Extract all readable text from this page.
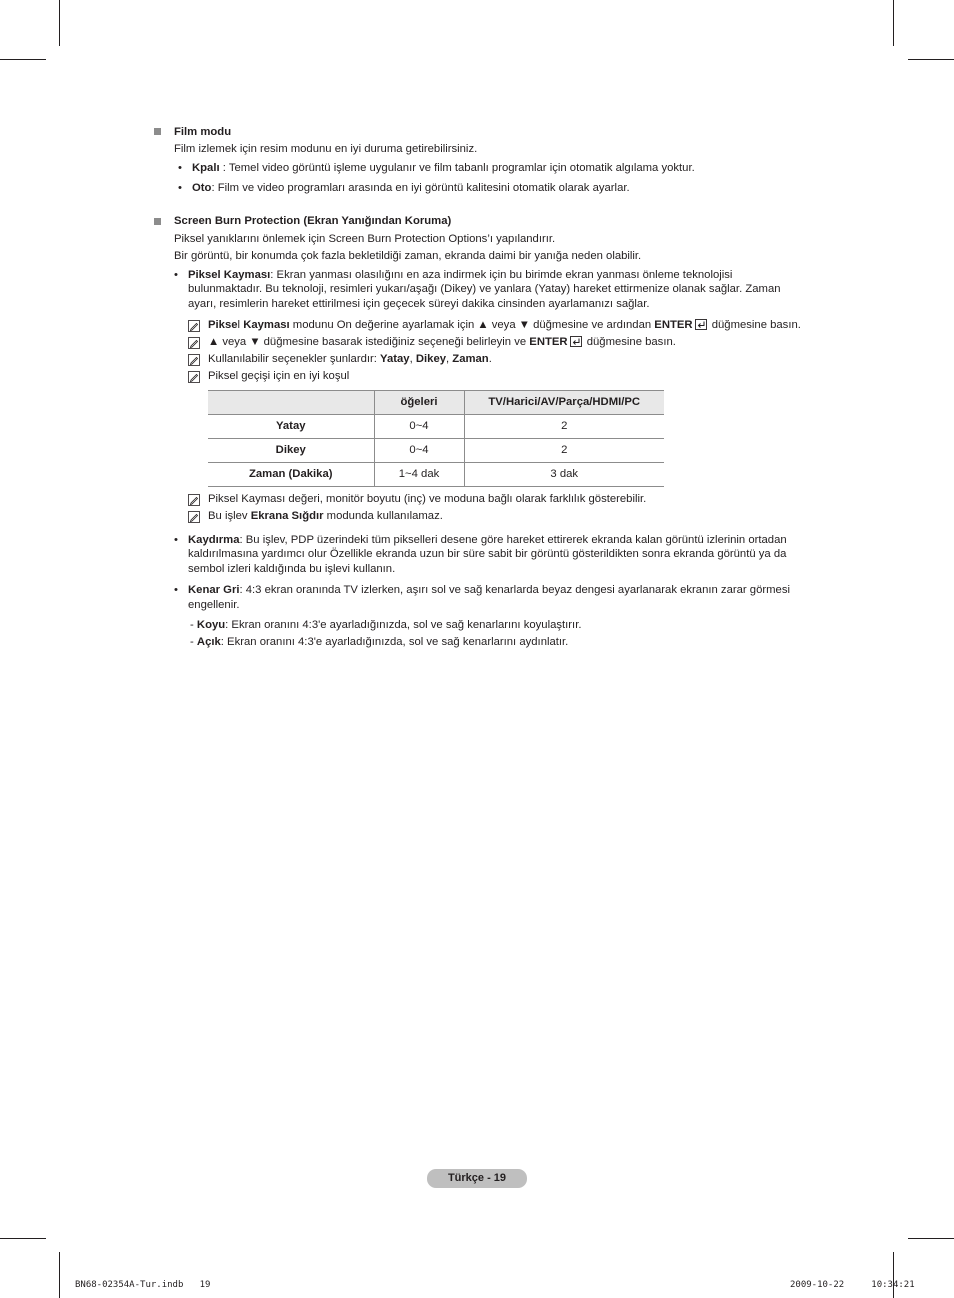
Film modu
Film izlemek için resim modunu en iyi duruma getirebilirsiniz.
• Kpalı : Temel video görüntü işleme uygulanır ve film tabanlı programlar için otomatik algılama yoktur.
• Oto: Film ve video programları arasında en iyi görüntü kalitesini otomatik olarak ayarlar.
Screen Burn Protection (Ekran Yanığından Koruma)
Piksel yanıklarını önlemek için Screen Burn Protection Options’ı yapılandırır.
Bir görüntü, bir konumda çok fazla bekletildiği zaman, ekranda daimi bir yanığa neden olabilir.
• Piksel Kayması: Ekran yanması olasılığını en aza indirmek için bu birimde ekran yanması önleme teknolojisi
bulunmaktadır. Bu teknoloji, resimleri yukarı/aşağı (Dikey) ve yanlara (Yatay) hareket ettirmenize olanak sağlar. Zaman
ayarı, resimlerin hareket ettirilmesi için geçecek süreyi dakika cinsinden ayarlamanızı sağlar.
Piksel Kayması modunu On değerine ayarlamak için ▲ veya ▼ düğmesine ve ardından ENTER düğmesine basın.
▲ veya ▼ düğmesine basarak istediğiniz seçeneği belirleyin ve ENTER düğmesine basın.
Kullanılabilir seçenekler şunlardır: Yatay, Dikey, Zaman.
Piksel geçişi için en iyi koşul
	öğeleri	TV/Harici/AV/Parça/HDMI/PC
Yatay	0~4	2
Dikey	0~4	2
Zaman (Dakika)	1~4 dak	3 dak
Piksel Kayması değeri, monitör boyutu (inç) ve moduna bağlı olarak farklılık gösterebilir.
Bu işlev Ekrana Sığdır modunda kullanılamaz.
• Kaydırma: Bu işlev, PDP üzerindeki tüm pikselleri desene göre hareket ettirerek ekranda kalan görüntü izlerinin ortadan
kaldırılmasına yardımcı olur Özellikle ekranda uzun bir süre sabit bir görüntü gösterildikten sonra ekranda görüntü ya da
sembol izleri kaldığında bu işlevi kullanın.
• Kenar Gri: 4:3 ekran oranında TV izlerken, aşırı sol ve sağ kenarlarda beyaz dengesi ayarlanarak ekranın zarar görmesi
engellenir.
- Koyu: Ekran oranını 4:3'e ayarladığınızda, sol ve sağ kenarlarını koyulaştırır.
- Açık: Ekran oranını 4:3'e ayarladığınızda, sol ve sağ kenarlarını aydınlatır.
Türkçe - 19
BN68-02354A-Tur.indb   19	2009-10-22     10:34:21
